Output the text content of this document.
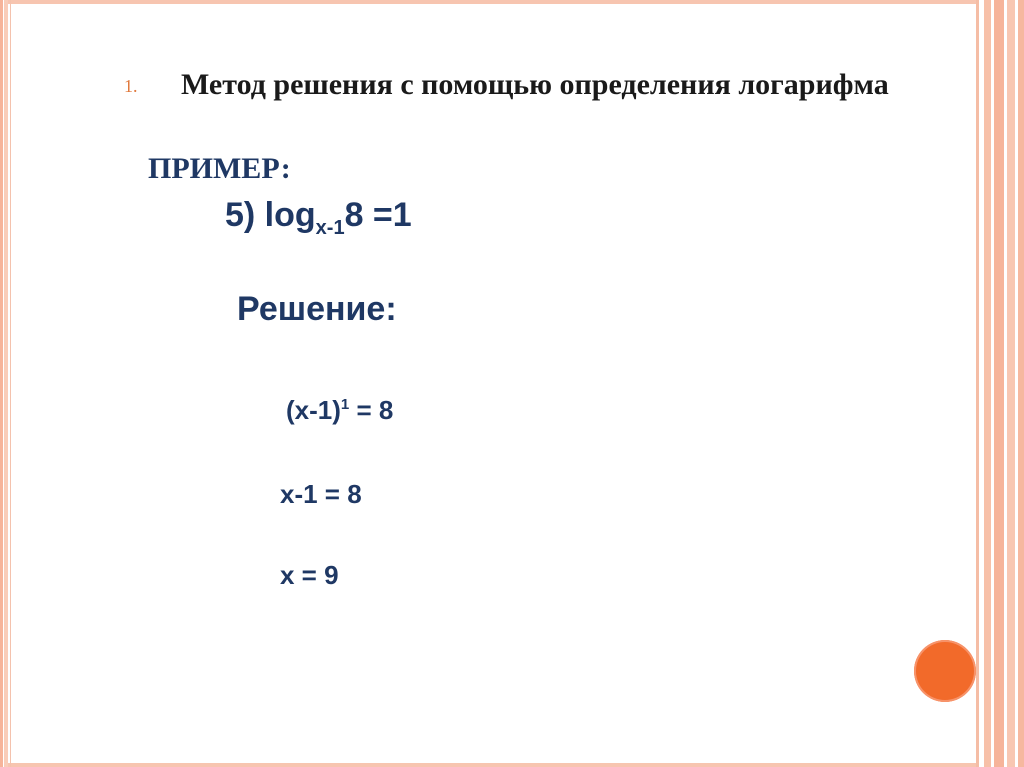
1. Метод решения с помощью определения логарифма
ПРИМЕР:
5) $\log_{x-1}8 =1$
Решение:
$(x-1)^1 = 8$
x-1 = 8
x = 9
